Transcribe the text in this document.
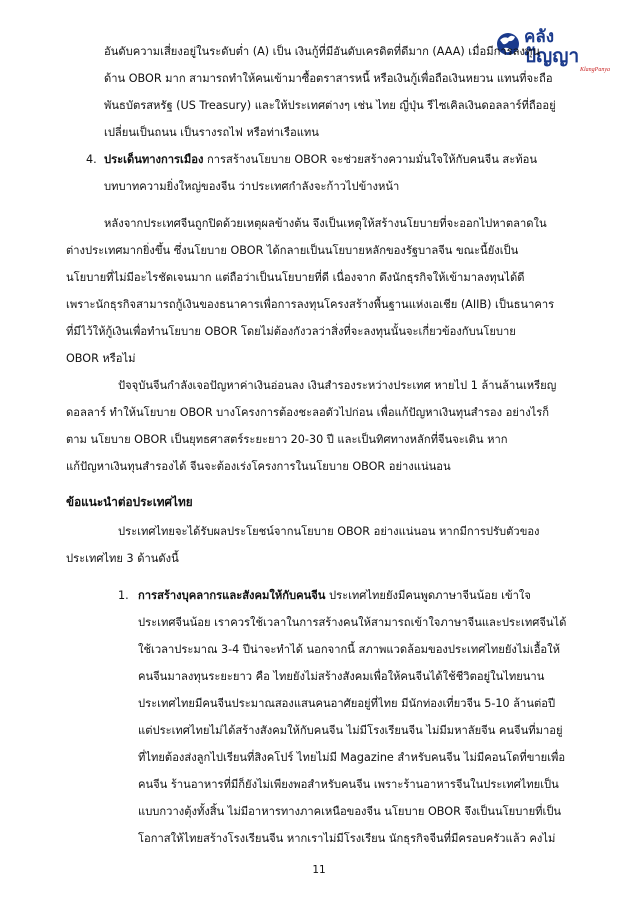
คลัง
ปัญญา
KlangPanya
อันดับความเสี่ยงอยู่ในระดับต่ำ (A) เป็น เงินกู้ที่มีอันดับเครดิตที่ดีมาก (AAA) เมื่อมีการลงทุน
ด้าน OBOR มาก สามารถทำให้คนเข้ามาซื้อตราสารหนี้ หรือเงินกู้เพื่อถือเงินหยวน แทนที่จะถือ
พันธบัตรสหรัฐ (US Treasury) และให้ประเทศต่างๆ เช่น ไทย ญี่ปุ่น รีไซเคิลเงินดอลลาร์ที่ถืออยู่
เปลี่ยนเป็นถนน เป็นรางรถไฟ หรือท่าเรือแทน
4. ประเด็นทางการเมือง การสร้างนโยบาย OBOR จะช่วยสร้างความมั่นใจให้กับคนจีน สะท้อน
บทบาทความยิ่งใหญ่ของจีน ว่าประเทศกำลังจะก้าวไปข้างหน้า
หลังจากประเทศจีนถูกปิดด้วยเหตุผลข้างต้น จึงเป็นเหตุให้สร้างนโยบายที่จะออกไปหาตลาดใน
ต่างประเทศมากยิ่งขึ้น ซึ่งนโยบาย OBOR ได้กลายเป็นนโยบายหลักของรัฐบาลจีน ขณะนี้ยังเป็น
นโยบายที่ไม่มีอะไรชัดเจนมาก แต่ถือว่าเป็นนโยบายที่ดี เนื่องจาก ดึงนักธุรกิจให้เข้ามาลงทุนได้ดี
เพราะนักธุรกิจสามารถกู้เงินของธนาคารเพื่อการลงทุนโครงสร้างพื้นฐานแห่งเอเชีย (AIIB) เป็นธนาคาร
ที่มีไว้ให้กู้เงินเพื่อทำนโยบาย OBOR โดยไม่ต้องกังวลว่าสิ่งที่จะลงทุนนั้นจะเกี่ยวข้องกับนโยบาย
OBOR หรือไม่
ปัจจุบันจีนกำลังเจอปัญหาค่าเงินอ่อนลง เงินสำรองระหว่างประเทศ หายไป 1 ล้านล้านเหรียญ
ดอลลาร์ ทำให้นโยบาย OBOR บางโครงการต้องชะลอตัวไปก่อน เพื่อแก้ปัญหาเงินทุนสำรอง อย่างไรก็
ตาม นโยบาย OBOR เป็นยุทธศาสตร์ระยะยาว 20-30 ปี และเป็นทิศทางหลักที่จีนจะเดิน หาก
แก้ปัญหาเงินทุนสำรองได้ จีนจะต้องเร่งโครงการในนโยบาย OBOR อย่างแน่นอน
ข้อแนะนำต่อประเทศไทย
ประเทศไทยจะได้รับผลประโยชน์จากนโยบาย OBOR อย่างแน่นอน หากมีการปรับตัวของ
ประเทศไทย 3 ด้านดังนี้
1. การสร้างบุคลากรและสังคมให้กับคนจีน ประเทศไทยยังมีคนพูดภาษาจีนน้อย เข้าใจ
ประเทศจีนน้อย เราควรใช้เวลาในการสร้างคนให้สามารถเข้าใจภาษาจีนและประเทศจีนได้
ใช้เวลาประมาณ 3-4 ปีน่าจะทำได้ นอกจากนี้ สภาพแวดล้อมของประเทศไทยยังไม่เอื้อให้
คนจีนมาลงทุนระยะยาว คือ ไทยยังไม่สร้างสังคมเพื่อให้คนจีนได้ใช้ชีวิตอยู่ในไทยนาน
ประเทศไทยมีคนจีนประมาณสองแสนคนอาศัยอยู่ที่ไทย มีนักท่องเที่ยวจีน 5-10 ล้านต่อปี
แต่ประเทศไทยไม่ได้สร้างสังคมให้กับคนจีน ไม่มีโรงเรียนจีน ไม่มีมหาลัยจีน คนจีนที่มาอยู่
ที่ไทยต้องส่งลูกไปเรียนที่สิงคโปร์ ไทยไม่มี Magazine สำหรับคนจีน ไม่มีคอนโดที่ขายเพื่อ
คนจีน ร้านอาหารที่มีก็ยังไม่เพียงพอสำหรับคนจีน เพราะร้านอาหารจีนในประเทศไทยเป็น
แบบกวางตุ้งทั้งสิ้น ไม่มีอาหารทางภาคเหนือของจีน นโยบาย OBOR จึงเป็นนโยบายที่เป็น
โอกาสให้ไทยสร้างโรงเรียนจีน หากเราไม่มีโรงเรียน นักธุรกิจจีนที่มีครอบครัวแล้ว คงไม่
11
